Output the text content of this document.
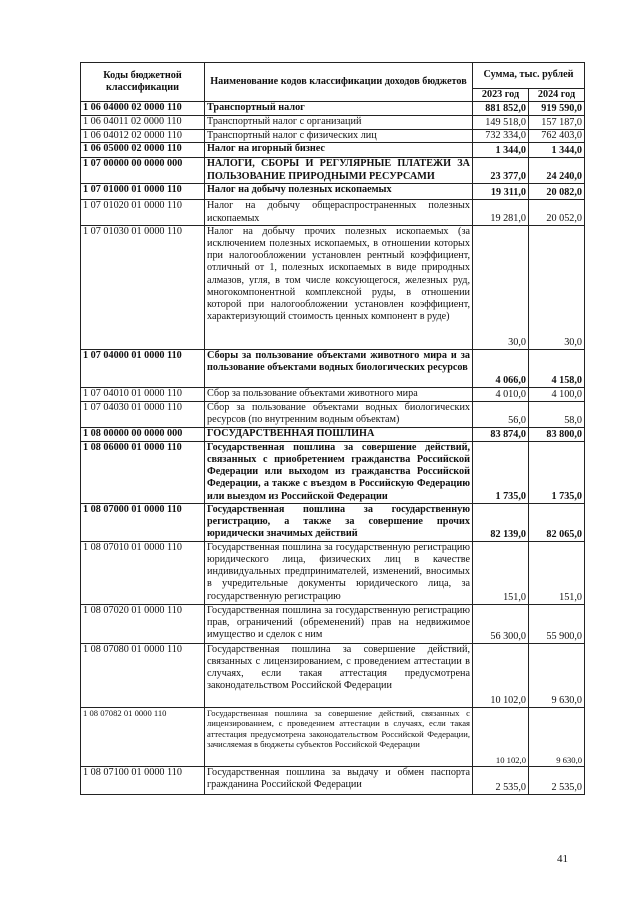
Коды бюджетной классификации	Наименование кодов классификации доходов бюджетов	Сумма, тыс. рублей	
		2023 год	2024 год
1 06 04000 02 0000 110	Транспортный налог	881 852,0	919 590,0
1 06 04011 02 0000 110	Транспортный налог с организаций	149 518,0	157 187,0
1 06 04012 02 0000 110	Транспортный налог с физических лиц	732 334,0	762 403,0
1 06 05000 02 0000 110	Налог на игорный бизнес	1 344,0	1 344,0
1 07 00000 00 0000 000	НАЛОГИ, СБОРЫ И РЕГУЛЯРНЫЕ ПЛАТЕЖИ ЗА ПОЛЬЗОВАНИЕ ПРИРОДНЫМИ РЕСУРСАМИ	23 377,0	24 240,0
1 07 01000 01 0000 110	Налог на добычу полезных ископаемых	19 311,0	20 082,0
1 07 01020 01 0000 110	Налог на добычу общераспространенных полезных ископаемых	19 281,0	20 052,0
1 07 01030 01 0000 110	Налог на добычу прочих полезных ископаемых (за исключением полезных ископаемых, в отношении которых при налогообложении установлен рентный коэффициент, отличный от 1, полезных ископаемых в виде природных алмазов, угля, в том числе коксующегося, железных руд, многокомпонентной комплексной руды, в отношении которой при налогообложении установлен коэффициент, характеризующий стоимость ценных компонент в руде)	30,0	30,0
1 07 04000 01 0000 110	Сборы за пользование объектами животного мира и за пользование объектами водных биологических ресурсов	4 066,0	4 158,0
1 07 04010 01 0000 110	Сбор за пользование объектами животного мира	4 010,0	4 100,0
1 07 04030 01 0000 110	Сбор за пользование объектами водных биологических ресурсов (по внутренним водным объектам)	56,0	58,0
1 08 00000 00 0000 000	ГОСУДАРСТВЕННАЯ ПОШЛИНА	83 874,0	83 800,0
1 08 06000 01 0000 110	Государственная пошлина за совершение действий, связанных с приобретением гражданства Российской Федерации или выходом из гражданства Российской Федерации, а также с въездом в Российскую Федерацию или выездом из Российской Федерации	1 735,0	1 735,0
1 08 07000 01 0000 110	Государственная пошлина за государственную регистрацию, а также за совершение прочих юридически значимых действий	82 139,0	82 065,0
1 08 07010 01 0000 110	Государственная пошлина за государственную регистрацию юридического лица, физических лиц в качестве индивидуальных предпринимателей, изменений, вносимых в учредительные документы юридического лица, за государственную регистрацию	151,0	151,0
1 08 07020 01 0000 110	Государственная пошлина за государственную регистрацию прав, ограничений (обременений) прав на недвижимое имущество и сделок с ним	56 300,0	55 900,0
1 08 07080 01 0000 110	Государственная пошлина за совершение действий, связанных с лицензированием, с проведением аттестации в случаях, если такая аттестация предусмотрена законодательством Российской Федерации	10 102,0	9 630,0
1 08 07082 01 0000 110	Государственная пошлина за совершение действий, связанных с лицензированием, с проведением аттестации в случаях, если такая аттестация предусмотрена законодательством Российской Федерации, зачисляемая в бюджеты субъектов Российской Федерации	10 102,0	9 630,0
1 08 07100 01 0000 110	Государственная пошлина за выдачу и обмен паспорта гражданина Российской Федерации	2 535,0	2 535,0
41
